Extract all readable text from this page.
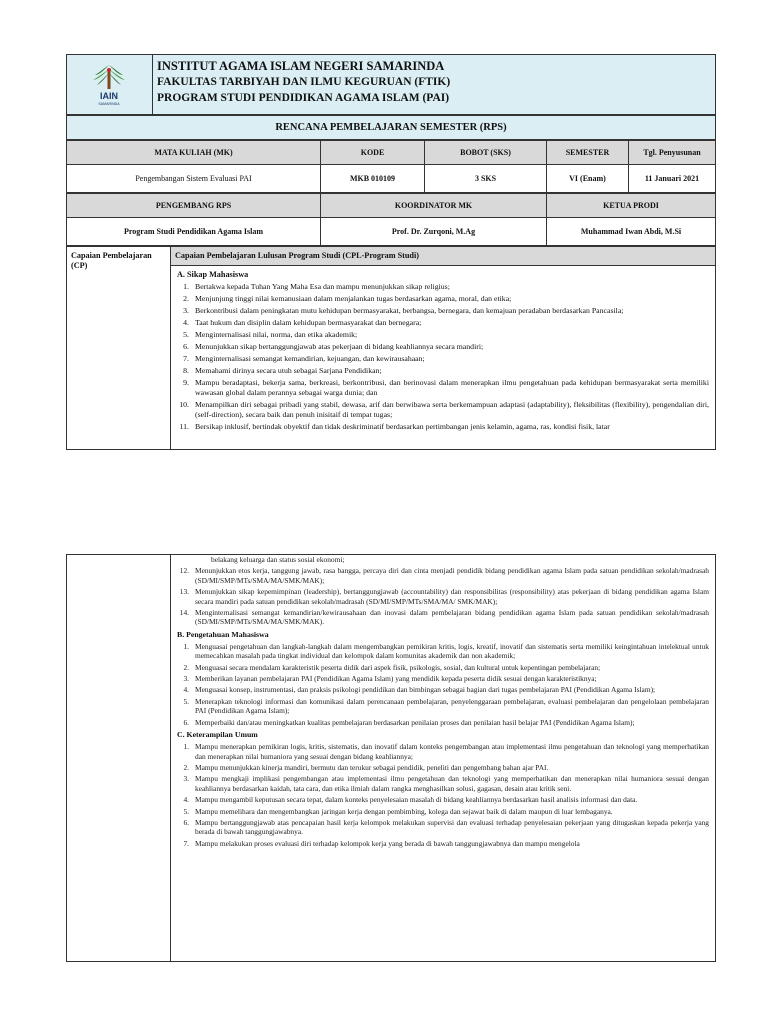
IAIN
SAMARINDA

INSTITUT AGAMA ISLAM NEGERI SAMARINDA
FAKULTAS TARBIYAH DAN ILMU KEGURUAN (FTIK)
PROGRAM STUDI PENDIDIKAN AGAMA ISLAM (PAI)
RENCANA PEMBELAJARAN SEMESTER (RPS)
MATA KULIAH (MK)	KODE	BOBOT (SKS)	SEMESTER	Tgl. Penyusunan
Pengembangan Sistem Evaluasi PAI	MKB 010109	3 SKS	VI (Enam)	11 Januari 2021
PENGEMBANG RPS	KOORDINATOR MK	KETUA PRODI
Program Studi Pendidikan Agama Islam	Prof. Dr. Zurqoni, M.Ag	Muhammad Iwan Abdi, M.Si
Capaian Pembelajaran (CP)	Capaian Pembelajaran Lulusan Program Studi (CPL-Program Studi)

A. Sikap Mahasiswa
1. Bertakwa kepada Tuhan Yang Maha Esa dan mampu menunjukkan sikap religius;
2. Menjunjung tinggi nilai kemanusiaan dalam menjalankan tugas berdasarkan agama, moral, dan etika;
3. Berkontribusi dalam peningkatan mutu kehidupan bermasyarakat, berbangsa, bernegara, dan kemajuan peradaban berdasarkan Pancasila;
4. Taat hukum dan disiplin dalam kehidupan bermasyarakat dan bernegara;
5. Menginternalisasi nilai, norma, dan etika akademik;
6. Menunjukkan sikap bertanggungjawab atas pekerjaan di bidang keahliannya secara mandiri;
7. Menginternalisasi semangat kemandirian, kejuangan, dan kewirausahaan;
8. Memahami dirinya secara utuh sebagai Sarjana Pendidikan;
9. Mampu beradaptasi, bekerja sama, berkreasi, berkontribusi, dan berinovasi dalam menerapkan ilmu pengetahuan pada kehidupan bermasyarakat serta memiliki wawasan global dalam perannya sebagai warga dunia; dan
10. Menampilkan diri sebagai pribadi yang stabil, dewasa, arif dan berwibawa serta berkemampuan adaptasi (adaptability), fleksibilitas (flexibility), pengendalian diri, (self-direction), secara baik dan penuh inisitaif di tempat tugas;
11. Bersikap inklusif, bertindak obyektif dan tidak deskriminatif berdasarkan pertimbangan jenis kelamin, agama, ras, kondisi fisik, latar

belakang keluarga dan status sosial ekonomi;
12. Menunjukkan etos kerja, tanggung jawab, rasa bangga, percaya diri dan cinta menjadi pendidik bidang pendidikan agama Islam pada satuan pendidikan sekolah/madrasah (SD/MI/SMP/MTs/SMA/MA/SMK/MAK);
13. Menunjukkan sikap kepemimpinan (leadership), bertanggungjawab (accountability) dan responsibilitas (responsibility) atas pekerjaan di bidang pendidikan agama Islam secara mandiri pada satuan pendidikan sekolah/madrasah (SD/MI/SMP/MTs/SMA/MA/ SMK/MAK);
14. Menginternalisasi semangat kemandirian/kewirausahaan dan inovasi dalam pembelajaran bidang pendidikan agama Islam pada satuan pendidikan sekolah/madrasah (SD/MI/SMP/MTs/SMA/MA/SMK/MAK).
B. Pengetahuan Mahasiswa
1. Menguasai pengetahuan dan langkah-langkah dalam mengembangkan pemikiran kritis, logis, kreatif, inovatif dan sistematis serta memiliki keingintahuan intelektual untuk memecahkan masalah pada tingkat individual dan kelompok dalam komunitas akademik dan non akademik;
2. Menguasai secara mendalam karakteristik peserta didik dari aspek fisik, psikologis, sosial, dan kultural untuk kepentingan pembelajaran;
3. Memberikan layanan pembelajaran PAI (Pendidikan Agama Islam) yang mendidik kepada peserta didik sesuai dengan karakteristiknya;
4. Menguasai konsep, instrumentasi, dan praksis psikologi pendidikan dan bimbingan sebagai bagian dari tugas pembelajaran PAI (Pendidikan Agama Islam);
5. Menerapkan teknologi informasi dan komunikasi dalam perencanaan pembelajaran, penyelenggaraan pembelajaran, evaluasi pembelajaran dan pengelolaan pembelajaran PAI (Pendidikan Agama Islam);
6. Memperbaiki dan/atau meningkatkan kualitas pembelajaran berdasarkan penilaian proses dan penilaian hasil belajar PAI (Pendidikan Agama Islam);
C. Keterampilan Umum
1. Mampu menerapkan pemikiran logis, kritis, sistematis, dan inovatif dalam konteks pengembangan atau implementasi ilmu pengetahuan dan teknologi yang memperhatikan dan menerapkan nilai humaniora yang sesuai dengan bidang keahliannya;
2. Mampu menunjukkan kinerja mandiri, bermutu dan terukur sebagai pendidik, peneliti dan pengembang bahan ajar PAI.
3. Mampu mengkaji implikasi pengembangan atau implementasi ilmu pengetahuan dan teknologi yang memperhatikan dan menerapkan nilai humaniora sesuai dengan keahliannya berdasarkan kaidah, tata cara, dan etika ilmiah dalam rangka menghasilkan solusi, gagasan, desain atau kritik seni.
4. Mampu mengambil keputusan secara tepat, dalam konteks penyelesaian masalah di bidang keahliannya berdasarkan hasil analisis informasi dan data.
5. Mampu memelihara dan mengembangkan jaringan kerja dengan pembimbing, kolega dan sejawat baik di dalam maupun di luar lembaganya.
6. Mampu bertanggungjawab atas pencapaian hasil kerja kelompok melakukan supervisi dan evaluasi terhadap penyelesaian pekerjaan yang ditugaskan kepada pekerja yang berada di bawah tanggungjawabnya.
7. Mampu melakukan proses evaluasi diri terhadap kelompok kerja yang berada di bawah tanggungjawabnya dan mampu mengelola
